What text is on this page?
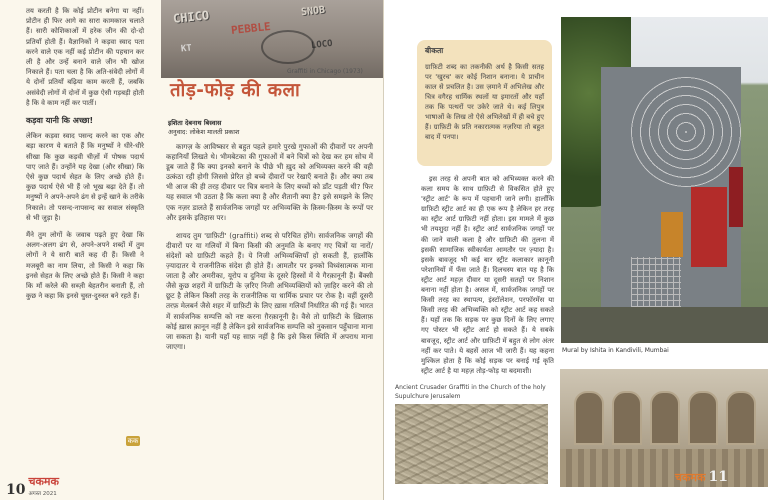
तय करती है कि कोई प्रोटीन बनेगा या नहीं। प्रोटीन ही फिर आगे का सारा कामकाज चलाते हैं। सारी कोशिकाओं में हरेक जीन की दो-दो प्रतियाँ होती हैं। वैज्ञानिकों ने कड़वा स्वाद पता करने वाले एक नहीं कई प्रोटीन की पहचान कर ली है और उन्हें बनाने वाले जीन भी खोज निकाले हैं। पता चला है कि अति-संवेदी लोगों में ये दोनों प्रतियाँ बढ़िया काम करती हैं, जबकि असंवेदी लोगों में दोनों में कुछ ऐसी गड़बड़ी होती है कि वे काम नहीं कर पातीं।

कड़वा यानी कि अच्छा!

लेकिन कड़वा स्वाद पसन्द करने का एक और बड़ा कारण ये बताते हैं कि मनुष्यों ने धीरे-धीरे सीखा कि कुछ कड़वी चीज़ों में पोषक पदार्थ पाए जाते हैं। उन्होंने यह देखा (और सीखा) कि ऐसे कुछ पदार्थ सेहत के लिए अच्छे होते हैं। कुछ पदार्थ ऐसे भी हैं जो भूख बढ़ा देते हैं। तो मनुष्यों ने अपने-अपने ढंग से इन्हें खाने के तरीके निकाले। तो पसन्द-नापसन्द का सवाल संस्कृति से भी जुड़ा है।

मैंने तुम लोगों के जवाब पढ़ते हुए देखा कि अलग-अलग ढंग से, अपने-अपने शब्दों में तुम लोगों ने ये सारी बातें कह दी हैं। किसी ने मजबूरी का नाम लिया, तो किसी ने कहा कि इनसे सेहत के लिए अच्छे होते हैं। किसी ने कहा कि माँ करेले की सब्ज़ी बेहतरीन बनाती हैं, तो कुछ ने कहा कि इनसे चुस्त-दुरुस्त बने रहते हैं।

कक
CHICO
PEBBLE
SNOB
LOCO
KT
Graffiti in Chicago (1973)
तोड़-फोड़ की कला
इशिता देबनाथ बिस्वास
अनुवाद: लोकेश मालती प्रकाश

कागज़ के आविष्कार से बहुत पहले हमारे पुरखे गुफाओं की दीवारों पर अपनी कहानियाँ लिखते थे। भीमबेटका की गुफाओं में बने चित्रों को देख कर हम सोच में डूब जाते हैं कि क्या इनको बनाने के पीछे भी ख़ुद को अभिव्यक्त करने की वही उत्कंठा रही होगी जिससे प्रेरित हो बच्चे दीवारों पर रेखाएँ बनाते हैं। और क्या तब भी आज की ही तरह दीवार पर चित्र बनाने के लिए बच्चों को डाँट पड़ती थी? फिर यह सवाल भी उठता है कि कला क्या है और शैतानी क्या है? इसे समझने के लिए एक नज़र डालते हैं सार्वजनिक जगहों पर अभिव्यक्ति के क़िस्म-क़िस्म के रूपों पर और इसके इतिहास पर।

शायद तुम 'ग्राफ़िटी' (graffiti) शब्द से परिचित होंगे। सार्वजनिक जगहों की दीवारों पर या गलियों में बिना किसी की अनुमति के बनाए गए चित्रों या नारों/संदेशों को ग्राफ़िटी कहते हैं। ये निजी अभिव्यक्तियाँ हो सकती हैं, हालाँकि ज़्यादातर ये राजनीतिक संदेश ही होते हैं। आमतौर पर इनको विध्वंसात्मक माना जाता है और अमरीका, यूरोप व दुनिया के दूसरे हिस्सों में ये गैरक़ानूनी हैं। बैंक्सी जैसे कुछ शहरों में ग्राफ़िटी के ज़रिए निजी अभिव्यक्तियों को ज़ाहिर करने की तो छूट है लेकिन किसी तरह के राजनीतिक या धार्मिक प्रचार पर रोक है। वहीं दूसरी तरफ़ मेलबर्न जैसे शहर में ग्राफ़िटी के लिए ख़ास गलियाँ निर्धारित की गई हैं। भारत में सार्वजनिक सम्पत्ति को नष्ट करना ग़ैरक़ानूनी है। वैसे तो ग्राफ़िटी के ख़िलाफ़ कोई ख़ास क़ानून नहीं है लेकिन इसे सार्वजनिक सम्पत्ति को नुकसान पहुँचाना माना जा सकता है। यानी यहाँ यह साफ़ नहीं है कि इसे किस स्थिति में अपराध माना जाएगा।

10
चकमक
अगस्त 2021
बीकता

ग्राफ़िटी शब्द का तकनीकी अर्थ है किसी सतह पर 'खुरच' कर कोई निशान बनाना। ये प्राचीन काल से प्रचलित है। उस ज़माने में अभिलेख और चित्र वगैरह धार्मिक स्थलों या इमारतों और यहाँ तक कि पत्थरों पर उकेरे जाते थे। कई लिपुत्र भाषाओं के लिख तो ऐसे अभिलेखों में ही बचे हुए हैं। ग्राफ़िटी के प्रति नकारात्मक नज़रिया तो बहुत बाद में पनपा।

इस तरह से अपनी बात को अभिव्यक्त करने की कला समय के साथ ग्राफ़िटी से विकसित होते हुए 'स्ट्रीट आर्ट' के रूप में पहचानी जाने लगी। हालाँकि ग्राफ़िटी स्ट्रीट आर्ट का ही एक रूप है लेकिन हर तरह का स्ट्रीट आर्ट ग्राफ़िटी नहीं होता। इस मामले में कुछ भी तयशुदा नहीं है। स्ट्रीट आर्ट सार्वजनिक जगहों पर की जाने वाली कला है और ग्राफ़िटी की तुलना में इसकी सामाजिक स्वीकार्यता आमतौर पर ज़्यादा है। इसके बावजूद भी कई बार स्ट्रीट कलाकार क़ानूनी परेशानियों में फँस जाते हैं। दिलचस्प बात यह है कि स्ट्रीट आर्ट महज़ दीवार या दूसरी सतहों पर निशान बनाना नहीं होता है। असल में, सार्वजनिक जगहों पर किसी तरह का स्थापत्य, इंस्टॉलेशन, परफॉरमेंस या किसी तरह की अभिव्यक्ति को स्ट्रीट आर्ट कह सकते हैं। यहाँ तक कि सड़क पर कुछ दिनों के लिए लगाए गए पोस्टर भी स्ट्रीट आर्ट हो सकते हैं। ये सबके बावजूद, स्ट्रीट आर्ट और ग्राफ़िटी में बहुत से लोग अंतर नहीं कर पाते। ये बहसें आज भी जारी हैं। यह कहना मुश्किल होता है कि कोई सड़क पर बनाई गई कृति स्ट्रीट आर्ट है या महज़ तोड़-फोड़ या बदमाशी।

Mural by Ishita in Kandivili, Mumbai
Ancient Crusader Graffiti in the Church of the holy Supulchure Jerusalem
चकमक 11
